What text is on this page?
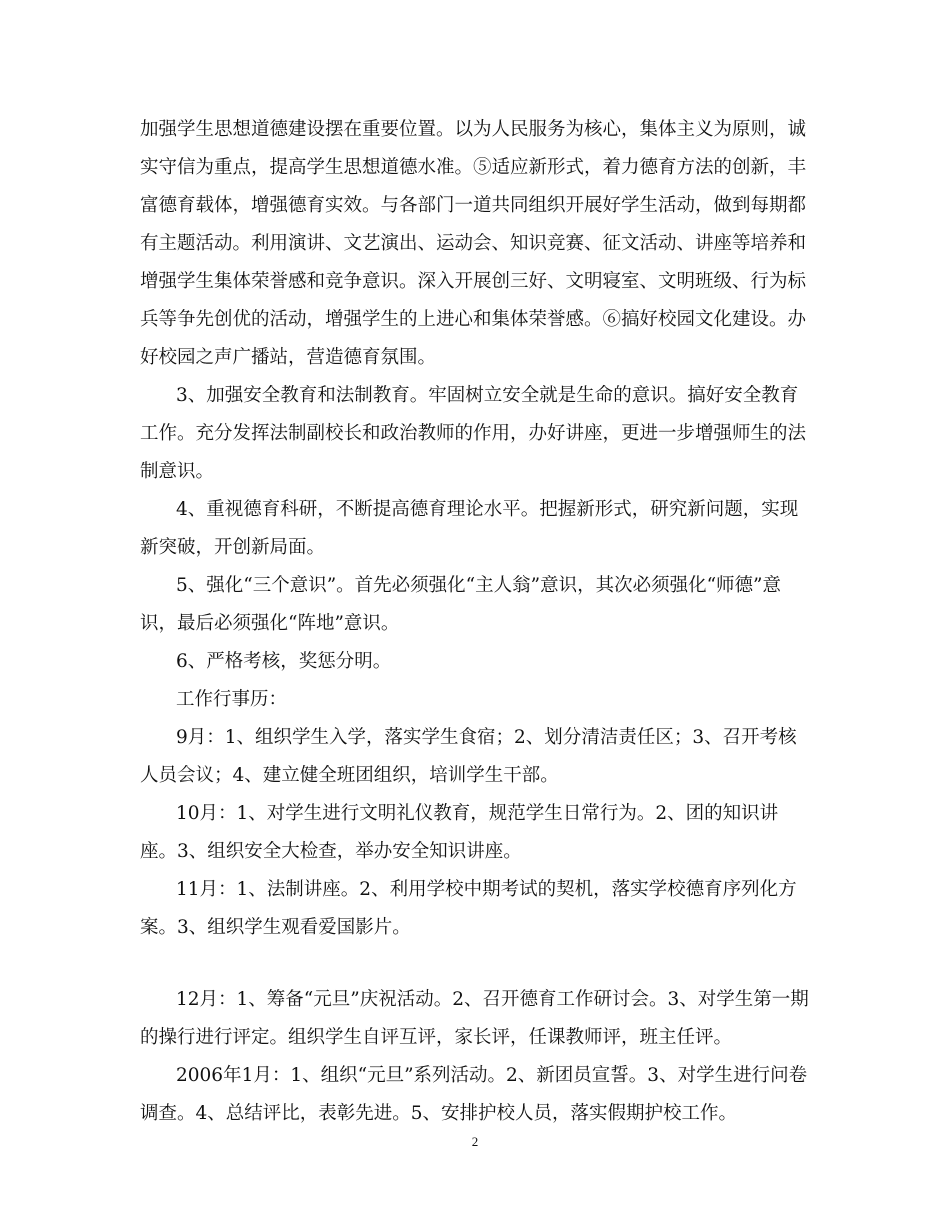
加强学生思想道德建设摆在重要位置。以为人民服务为核心，集体主义为原则，诚
实守信为重点，提高学生思想道德水准。⑤适应新形式，着力德育方法的创新，丰
富德育载体，增强德育实效。与各部门一道共同组织开展好学生活动，做到每期都
有主题活动。利用演讲、文艺演出、运动会、知识竞赛、征文活动、讲座等培养和
增强学生集体荣誉感和竞争意识。深入开展创三好、文明寝室、文明班级、行为标
兵等争先创优的活动，增强学生的上进心和集体荣誉感。⑥搞好校园文化建设。办
好校园之声广播站，营造德育氛围。
3、加强安全教育和法制教育。牢固树立安全就是生命的意识。搞好安全教育
工作。充分发挥法制副校长和政治教师的作用，办好讲座，更进一步增强师生的法
制意识。
4、重视德育科研，不断提高德育理论水平。把握新形式，研究新问题，实现
新突破，开创新局面。
5、强化“三个意识”。首先必须强化“主人翁”意识，其次必须强化“师德”意
识，最后必须强化“阵地”意识。
6、严格考核，奖惩分明。
工作行事历：
9月：1、组织学生入学，落实学生食宿；2、划分清洁责任区；3、召开考核
人员会议；4、建立健全班团组织，培训学生干部。
10月：1、对学生进行文明礼仪教育，规范学生日常行为。2、团的知识讲
座。3、组织安全大检查，举办安全知识讲座。
11月：1、法制讲座。2、利用学校中期考试的契机，落实学校德育序列化方
案。3、组织学生观看爱国影片。
12月：1、筹备“元旦”庆祝活动。2、召开德育工作研讨会。3、对学生第一期
的操行进行评定。组织学生自评互评，家长评，任课教师评，班主任评。
2006年1月：1、组织“元旦”系列活动。2、新团员宣誓。3、对学生进行问卷
调查。4、总结评比，表彰先进。5、安排护校人员，落实假期护校工作。
2
